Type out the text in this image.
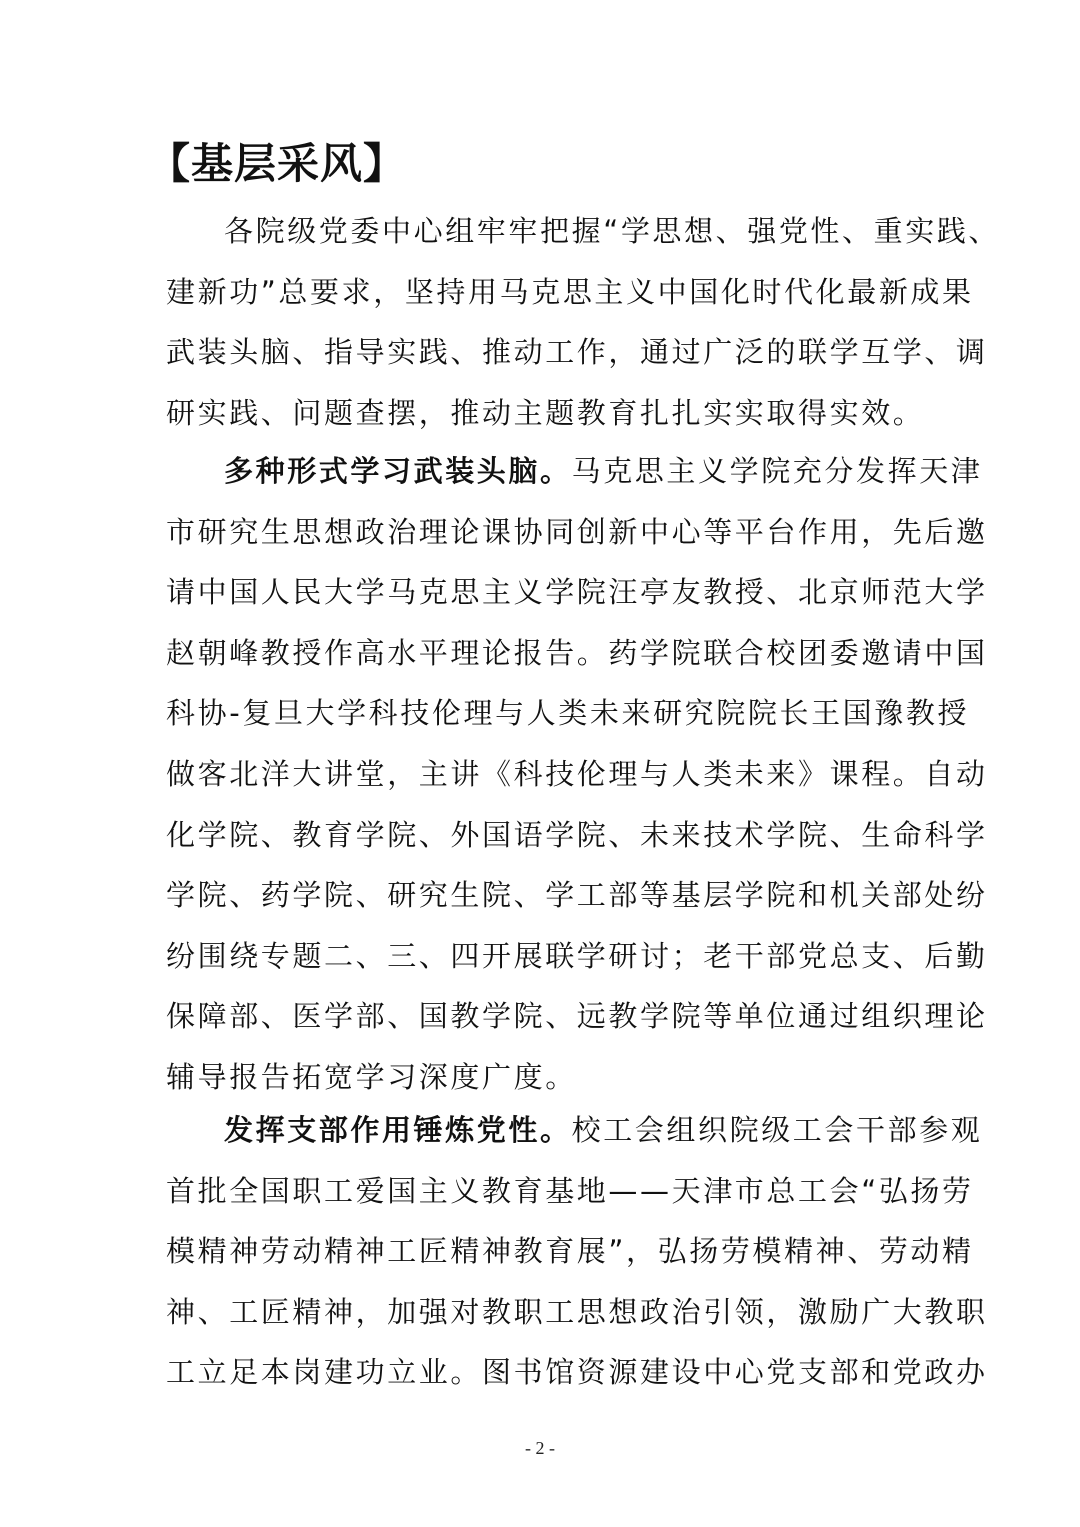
【基层采风】
各院级党委中心组牢牢把握“学思想、强党性、重实践、
建新功”总要求，坚持用马克思主义中国化时代化最新成果
武装头脑、指导实践、推动工作，通过广泛的联学互学、调
研实践、问题查摆，推动主题教育扎扎实实取得实效。
多种形式学习武装头脑。马克思主义学院充分发挥天津
市研究生思想政治理论课协同创新中心等平台作用，先后邀
请中国人民大学马克思主义学院汪亭友教授、北京师范大学
赵朝峰教授作高水平理论报告。药学院联合校团委邀请中国
科协-复旦大学科技伦理与人类未来研究院院长王国豫教授
做客北洋大讲堂，主讲《科技伦理与人类未来》课程。自动
化学院、教育学院、外国语学院、未来技术学院、生命科学
学院、药学院、研究生院、学工部等基层学院和机关部处纷
纷围绕专题二、三、四开展联学研讨；老干部党总支、后勤
保障部、医学部、国教学院、远教学院等单位通过组织理论
辅导报告拓宽学习深度广度。
发挥支部作用锤炼党性。校工会组织院级工会干部参观
首批全国职工爱国主义教育基地——天津市总工会“弘扬劳
模精神劳动精神工匠精神教育展”，弘扬劳模精神、劳动精
神、工匠精神，加强对教职工思想政治引领，激励广大教职
工立足本岗建功立业。图书馆资源建设中心党支部和党政办
- 2 -
